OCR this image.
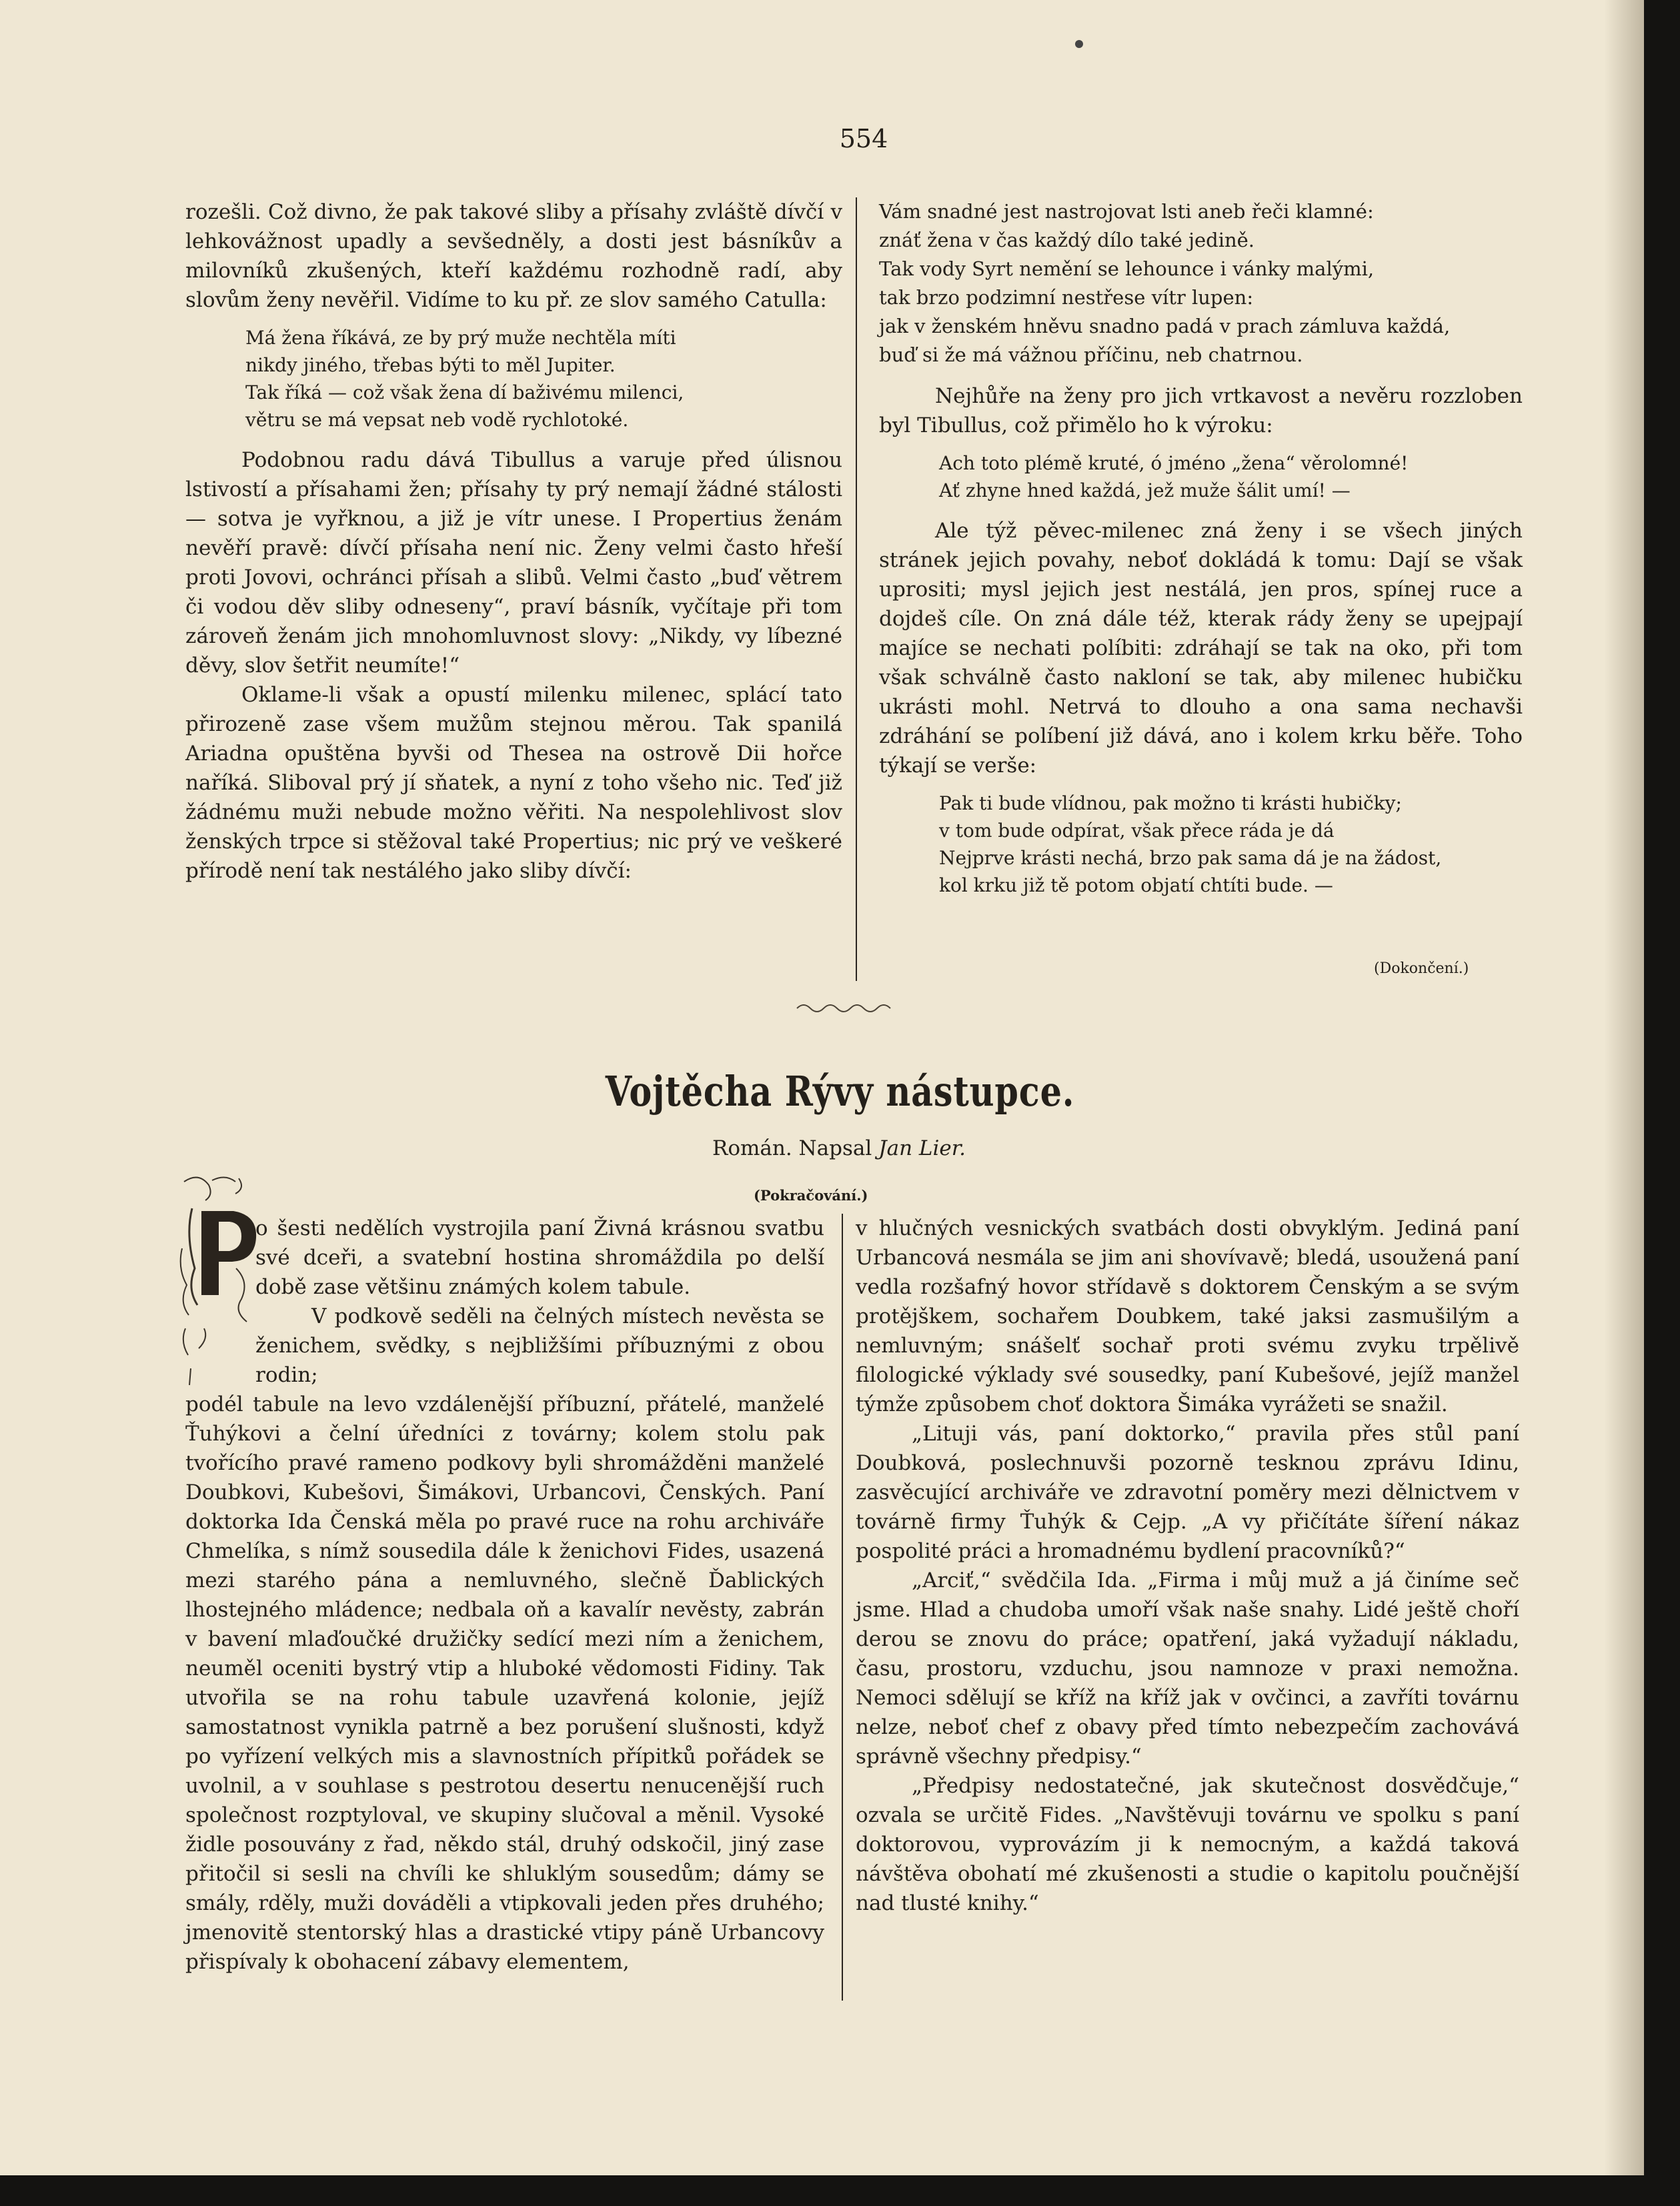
554

rozešli. Což divno, že pak takové sliby a přísahy zvláště dívčí v lehkovážnost upadly a sevšedněly, a dosti jest básníkův a milovníků zkušených, kteří každému rozhodně radí, aby slovům ženy nevěřil. Vidíme to ku př. ze slov samého Catulla:

Má žena říkává, ze by prý muže nechtěla míti
nikdy jiného, třebas býti to měl Jupiter.
Tak říká — což však žena dí baživému milenci,
větru se má vepsat neb vodě rychlotoké.

Podobnou radu dává Tibullus a varuje před úlisnou lstivostí a přísahami žen; přísahy ty prý nemají žádné stálosti — sotva je vyřknou, a již je vítr unese. I Propertius ženám nevěří pravě: dívčí přísaha není nic. Ženy velmi často hřeší proti Jovovi, ochránci přísah a slibů. Velmi často „buď větrem či vodou děv sliby odneseny“, praví básník, vyčítaje při tom zároveň ženám jich mnohomluvnost slovy: „Nikdy, vy líbezné děvy, slov šetřit neumíte!“

Oklame-li však a opustí milenku milenec, splácí tato přirozeně zase všem mužům stejnou měrou. Tak spanilá Ariadna opuštěna byvši od Thesea na ostrově Dii hořce naříká. Sliboval prý jí sňatek, a nyní z toho všeho nic. Teď již žádnému muži nebude možno věřiti. Na nespolehlivost slov ženských trpce si stěžoval také Propertius; nic prý ve veškeré přírodě není tak nestálého jako sliby dívčí:

Vám snadné jest nastrojovat lsti aneb řeči klamné:
znáť žena v čas každý dílo také jedině.
Tak vody Syrt nemění se lehounce i vánky malými,
tak brzo podzimní nestřese vítr lupen:
jak v ženském hněvu snadno padá v prach zámluva každá,
buď si že má vážnou příčinu, neb chatrnou.

Nejhůře na ženy pro jich vrtkavost a nevěru rozzloben byl Tibullus, což přimělo ho k výroku:

Ach toto plémě kruté, ó jméno „žena“ věrolomné!
Ať zhyne hned každá, jež muže šálit umí! —

Ale týž pěvec-milenec zná ženy i se všech jiných stránek jejich povahy, neboť dokládá k tomu: Dají se však uprositi; mysl jejich jest nestálá, jen pros, spínej ruce a dojdeš cíle. On zná dále též, kterak rády ženy se upejpají majíce se nechati políbiti: zdráhají se tak na oko, při tom však schválně často nakloní se tak, aby milenec hubičku ukrásti mohl. Netrvá to dlouho a ona sama nechavši zdráhání se políbení již dává, ano i kolem krku běře. Toho týkají se verše:

Pak ti bude vlídnou, pak možno ti krásti hubičky;
v tom bude odpírat, však přece ráda je dá
Nejprve krásti nechá, brzo pak sama dá je na žádost,
kol krku již tě potom objatí chtíti bude. —
(Dokončení.)
Vojtěcha Rývy nástupce.
Román. Napsal Jan Lier.
(Pokračování.)

o šesti nedělích vystrojila paní Živná krásnou svatbu své dceři, a svatební hostina shromáždila po delší době zase většinu známých kolem tabule.

V podkově seděli na čelných místech nevěsta se ženichem, svědky, s nejbližšími příbuznými z obou rodin;

podél tabule na levo vzdálenější příbuzní, přátelé, manželé Ťuhýkovi a čelní úředníci z továrny; kolem stolu pak tvořícího pravé rameno podkovy byli shromážděni manželé Doubkovi, Kubešovi, Šimákovi, Urbancovi, Čenských. Paní doktorka Ida Čenská měla po pravé ruce na rohu archiváře Chmelíka, s nímž sousedila dále k ženichovi Fides, usazená mezi starého pána a nemluvného, slečně Ďablických lhostejného mládence; nedbala oň a kavalír nevěsty, zabrán v bavení mlaďoučké družičky sedící mezi ním a ženichem, neuměl oceniti bystrý vtip a hluboké vědomosti Fidiny. Tak utvořila se na rohu tabule uzavřená kolonie, jejíž samostatnost vynikla patrně a bez porušení slušnosti, když po vyřízení velkých mis a slavnostních přípitků pořádek se uvolnil, a v souhlase s pestrotou desertu nenucenější ruch společnost rozptyloval, ve skupiny slučoval a měnil. Vysoké židle posouvány z řad, někdo stál, druhý odskočil, jiný zase přitočil si sesli na chvíli ke shluklým sousedům; dámy se smály, rděly, muži dováděli a vtipkovali jeden přes druhého; jmenovitě stentorský hlas a drastické vtipy páně Urbancovy přispívaly k obohacení zábavy elementem,

v hlučných vesnických svatbách dosti obvyklým. Jediná paní Urbancová nesmála se jim ani shovívavě; bledá, usoužená paní vedla rozšafný hovor střídavě s doktorem Čenským a se svým protějškem, sochařem Doubkem, také jaksi zasmušilým a nemluvným; snášelť sochař proti svému zvyku trpělivě filologické výklady své sousedky, paní Kubešové, jejíž manžel týmže způsobem choť doktora Šimáka vyrážeti se snažil.

„Lituji vás, paní doktorko,“ pravila přes stůl paní Doubková, poslechnuvši pozorně tesknou zprávu Idinu, zasvěcující archiváře ve zdravotní poměry mezi dělnictvem v továrně firmy Ťuhýk & Cejp. „A vy přičítáte šíření nákaz pospolité práci a hromadnému bydlení pracovníků?“

„Arciť,“ svědčila Ida. „Firma i můj muž a já činíme seč jsme. Hlad a chudoba umoří však naše snahy. Lidé ještě choří derou se znovu do práce; opatření, jaká vyžadují nákladu, času, prostoru, vzduchu, jsou namnoze v praxi nemožna. Nemoci sdělují se kříž na kříž jak v ovčinci, a zavříti továrnu nelze, neboť chef z obavy před tímto nebezpečím zachovává správně všechny předpisy.“

„Předpisy nedostatečné, jak skutečnost dosvědčuje,“ ozvala se určitě Fides. „Navštěvuji továrnu ve spolku s paní doktorovou, vyprovázím ji k nemocným, a každá taková návštěva obohatí mé zkušenosti a studie o kapitolu poučnější nad tlusté knihy.“
